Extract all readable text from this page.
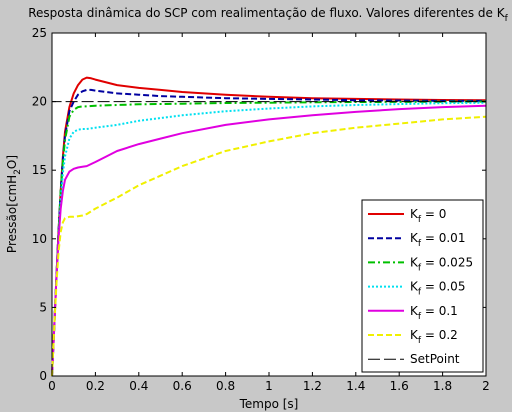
Resposta dinâmica do SCP com realimentação de fluxo. Valores diferentes de $K_f$
0	0.2 0.4 0.6 0.8	1	1.2 1.4 1.6 1.8	2
0
5
10
15
20
25
Tempo [s]
Pressão[cmH$_2$O]
$K_f = 0$
$K_f = 0.01$
$K_f = 0.025$
$K_f = 0.05$
$K_f = 0.1$
$K_f = 0.2$
SetPoint
